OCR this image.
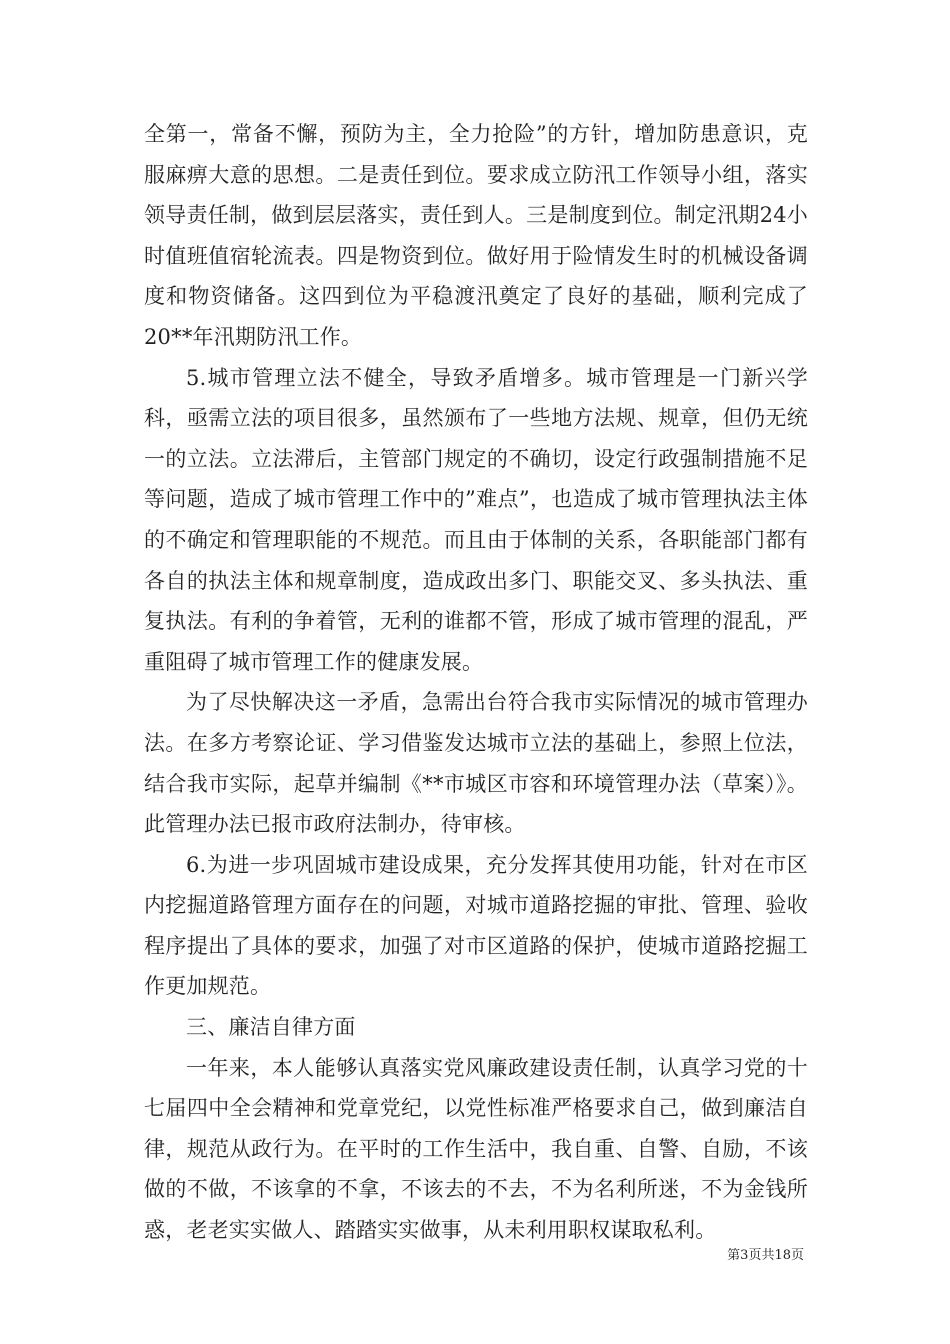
全第一，常备不懈，预防为主，全力抢险”的方针，增加防患意识，克服麻痹大意的思想。二是责任到位。要求成立防汛工作领导小组，落实领导责任制，做到层层落实，责任到人。三是制度到位。制定汛期24小时值班值宿轮流表。四是物资到位。做好用于险情发生时的机械设备调度和物资储备。这四到位为平稳渡汛奠定了良好的基础，顺利完成了20**年汛期防汛工作。

5.城市管理立法不健全，导致矛盾增多。城市管理是一门新兴学科，亟需立法的项目很多，虽然颁布了一些地方法规、规章，但仍无统一的立法。立法滞后，主管部门规定的不确切，设定行政强制措施不足等问题，造成了城市管理工作中的”难点”，也造成了城市管理执法主体的不确定和管理职能的不规范。而且由于体制的关系，各职能部门都有各自的执法主体和规章制度，造成政出多门、职能交叉、多头执法、重复执法。有利的争着管，无利的谁都不管，形成了城市管理的混乱，严重阻碍了城市管理工作的健康发展。

为了尽快解决这一矛盾，急需出台符合我市实际情况的城市管理办法。在多方考察论证、学习借鉴发达城市立法的基础上，参照上位法，结合我市实际，起草并编制《**市城区市容和环境管理办法（草案）》。此管理办法已报市政府法制办，待审核。

6.为进一步巩固城市建设成果，充分发挥其使用功能，针对在市区内挖掘道路管理方面存在的问题，对城市道路挖掘的审批、管理、验收程序提出了具体的要求，加强了对市区道路的保护，使城市道路挖掘工作更加规范。

三、廉洁自律方面

一年来，本人能够认真落实党风廉政建设责任制，认真学习党的十七届四中全会精神和党章党纪，以党性标准严格要求自己，做到廉洁自律，规范从政行为。在平时的工作生活中，我自重、自警、自励，不该做的不做，不该拿的不拿，不该去的不去，不为名利所迷，不为金钱所惑，老老实实做人、踏踏实实做事，从未利用职权谋取私利。

第3页共18页
